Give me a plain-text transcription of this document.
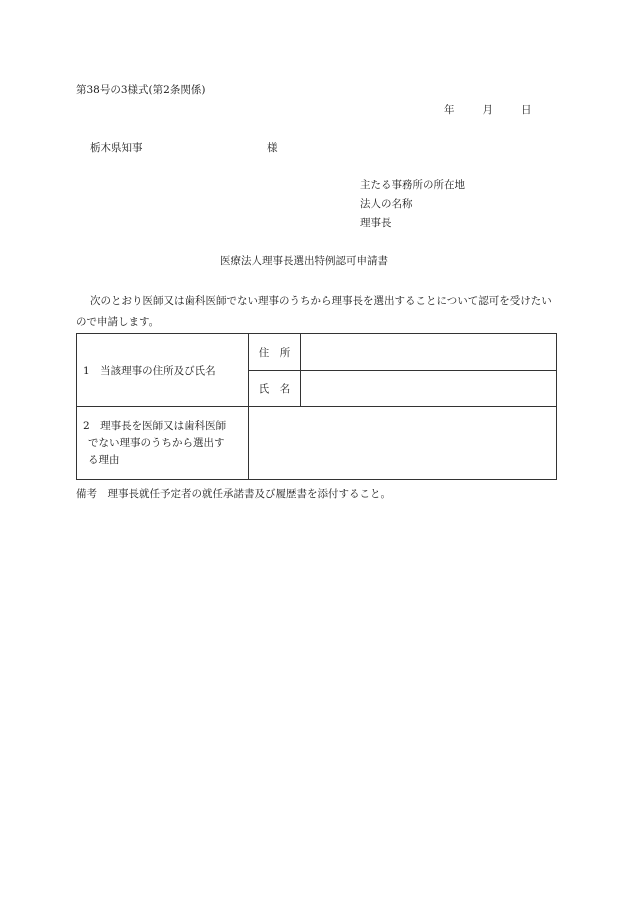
第38号の3様式(第2条関係)
年	月	日
栃木県知事	様
主たる事務所の所在地
法人の名称
理事長
医療法人理事長選出特例認可申請書
次のとおり医師又は歯科医師でない理事のうちから理事長を選出することについて認可を受けたいので申請します。
1　当該理事の住所及び氏名	住　所	
	氏　名	

2　理事長を医師又は歯科医師
でない理事のうちから選出す
る理由		

備考　理事長就任予定者の就任承諾書及び履歴書を添付すること。
